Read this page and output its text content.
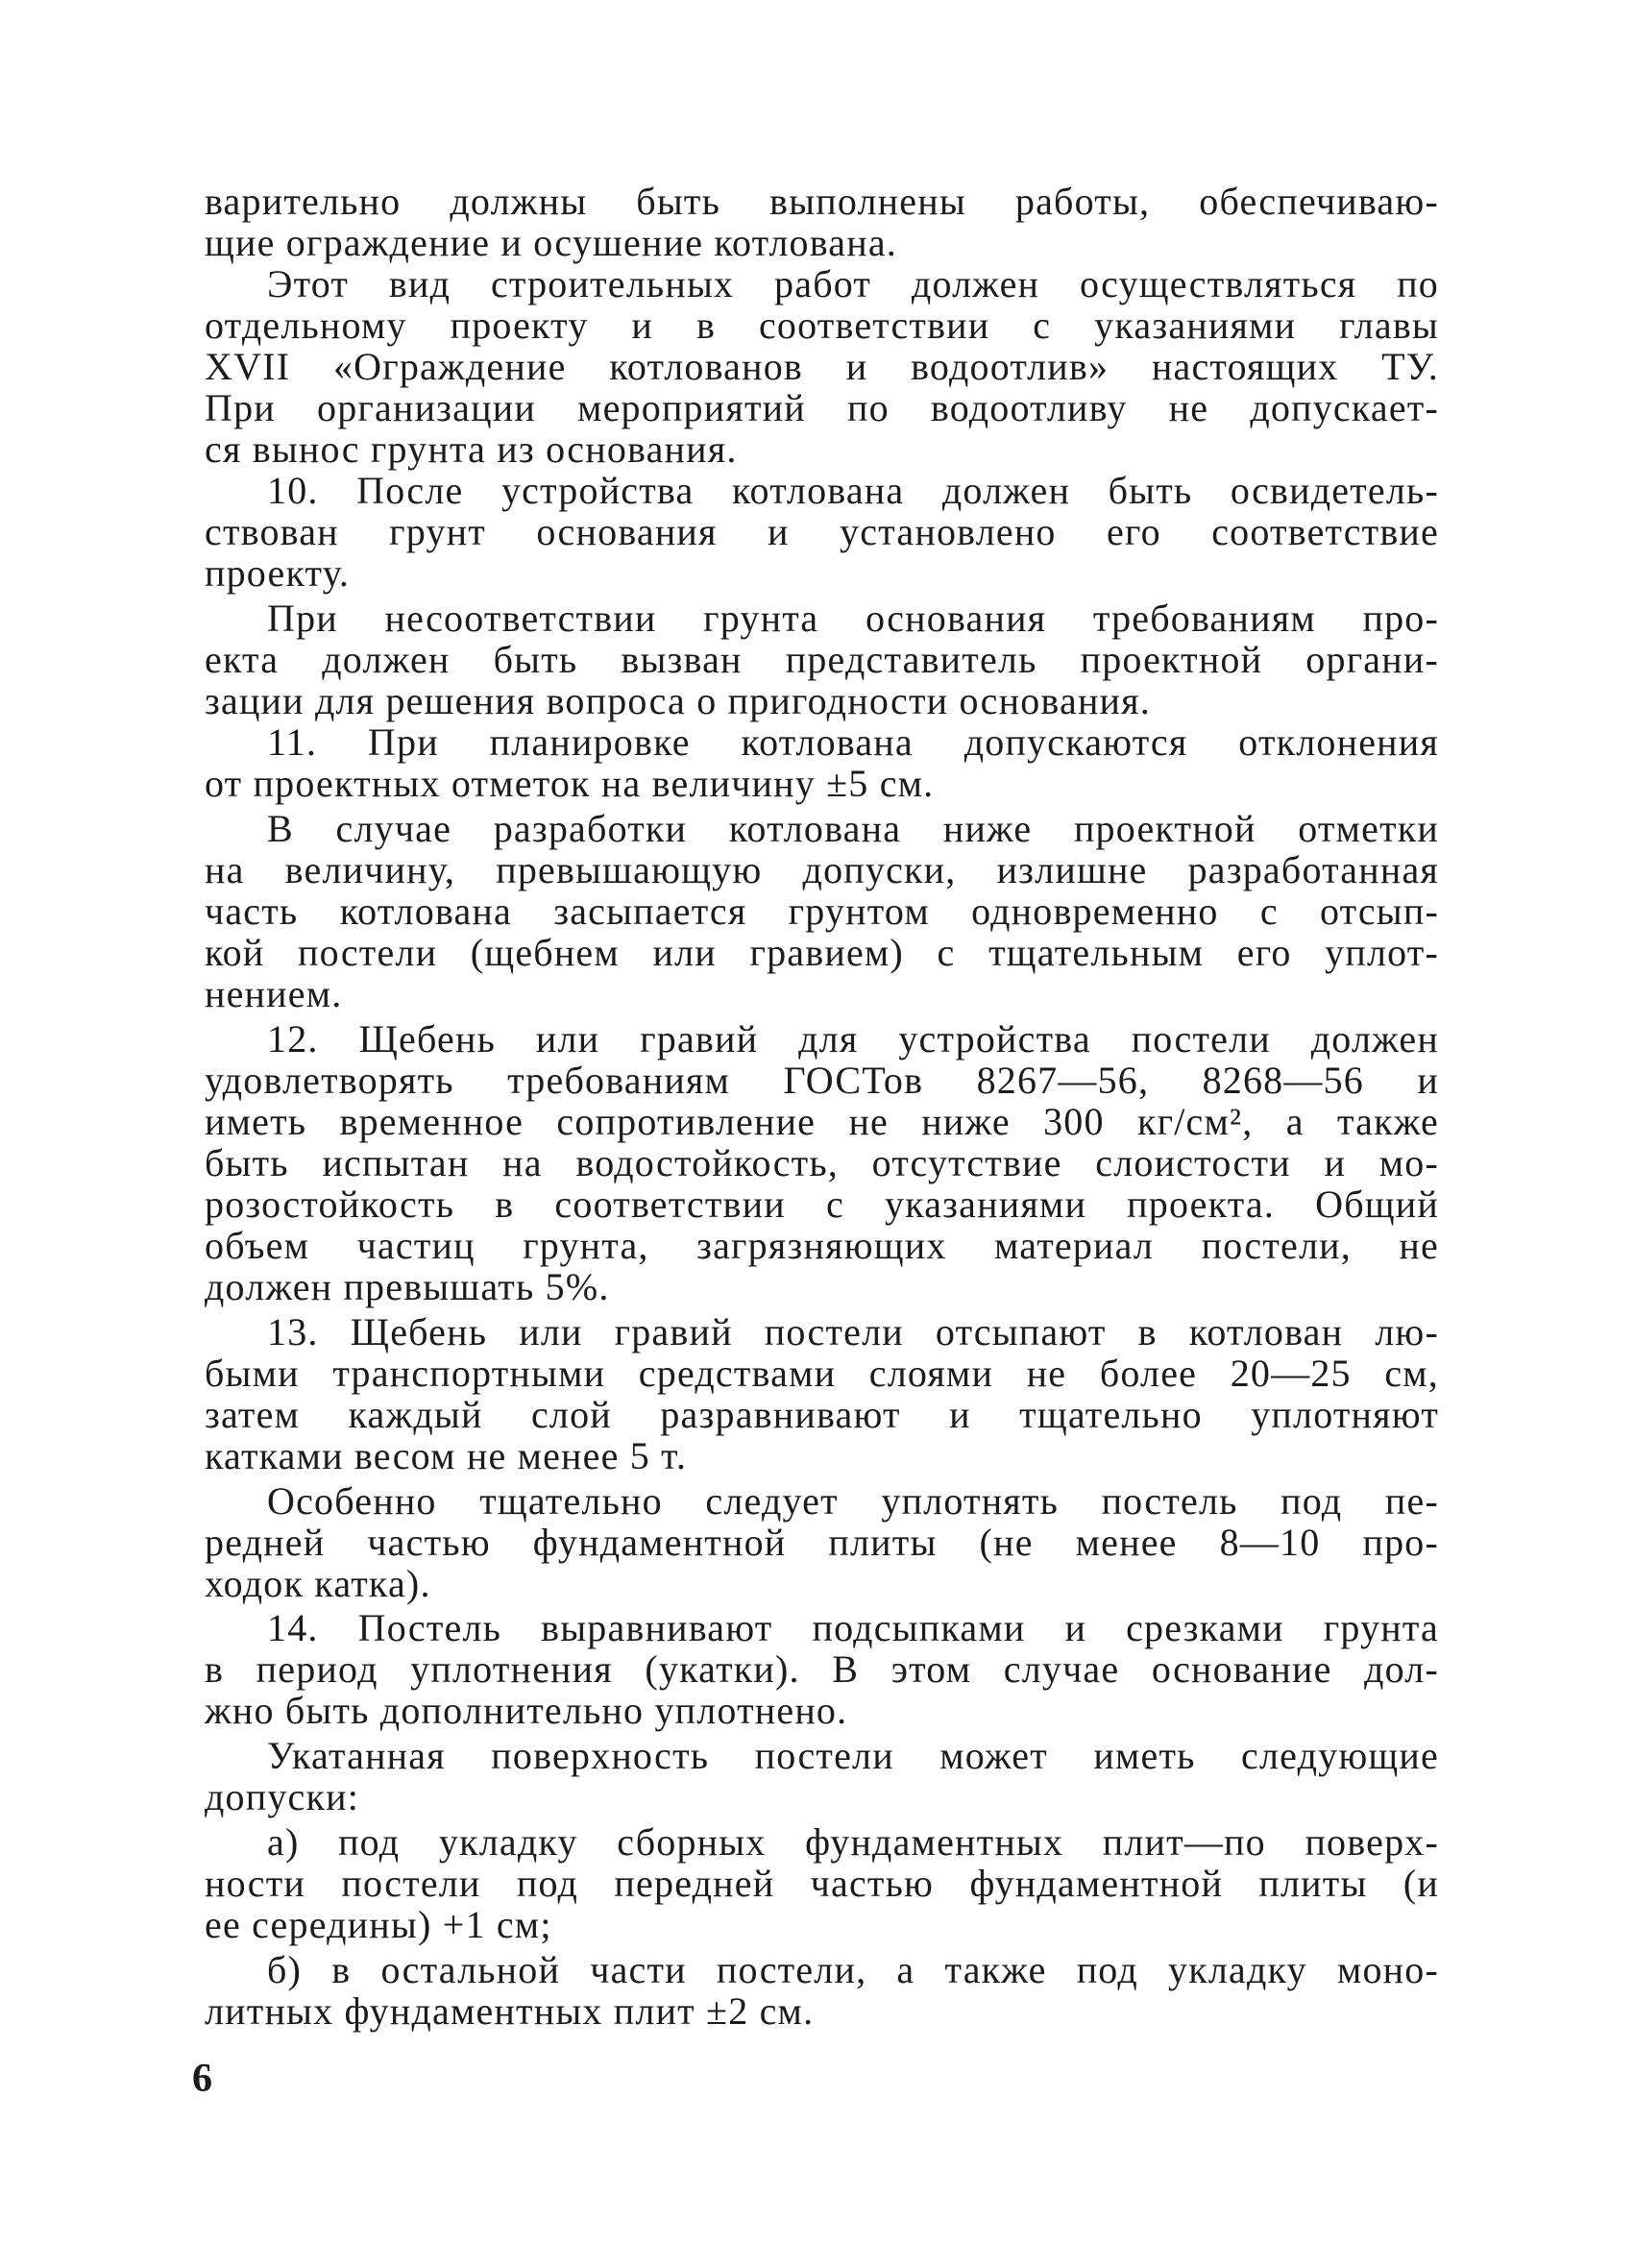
варительно должны быть выполнены работы, обеспечиваю-
щие ограждение и осушение котлована.
Этот вид строительных работ должен осуществляться по
отдельному проекту и в соответствии с указаниями главы
XVII «Ограждение котлованов и водоотлив» настоящих ТУ.
При организации мероприятий по водоотливу не допускает-
ся вынос грунта из основания.
10. После устройства котлована должен быть освидетель-
ствован грунт основания и установлено его соответствие
проекту.
При несоответствии грунта основания требованиям про-
екта должен быть вызван представитель проектной органи-
зации для решения вопроса о пригодности основания.
11. При планировке котлована допускаются отклонения
от проектных отметок на величину ±5 см.
В случае разработки котлована ниже проектной отметки
на величину, превышающую допуски, излишне разработанная
часть котлована засыпается грунтом одновременно с отсып-
кой постели (щебнем или гравием) с тщательным его уплот-
нением.
12. Щебень или гравий для устройства постели должен
удовлетворять требованиям ГОСТов 8267—56, 8268—56 и
иметь временное сопротивление не ниже 300 кг/см², а также
быть испытан на водостойкость, отсутствие слоистости и мо-
розостойкость в соответствии с указаниями проекта. Общий
объем частиц грунта, загрязняющих материал постели, не
должен превышать 5%.
13. Щебень или гравий постели отсыпают в котлован лю-
быми транспортными средствами слоями не более 20—25 см,
затем каждый слой разравнивают и тщательно уплотняют
катками весом не менее 5 т.
Особенно тщательно следует уплотнять постель под пе-
редней частью фундаментной плиты (не менее 8—10 про-
ходок катка).
14. Постель выравнивают подсыпками и срезками грунта
в период уплотнения (укатки). В этом случае основание дол-
жно быть дополнительно уплотнено.
Укатанная поверхность постели может иметь следующие
допуски:
а) под укладку сборных фундаментных плит—по поверх-
ности постели под передней частью фундаментной плиты (и
ее середины) +1 см;
б) в остальной части постели, а также под укладку моно-
литных фундаментных плит ±2 см.
6
